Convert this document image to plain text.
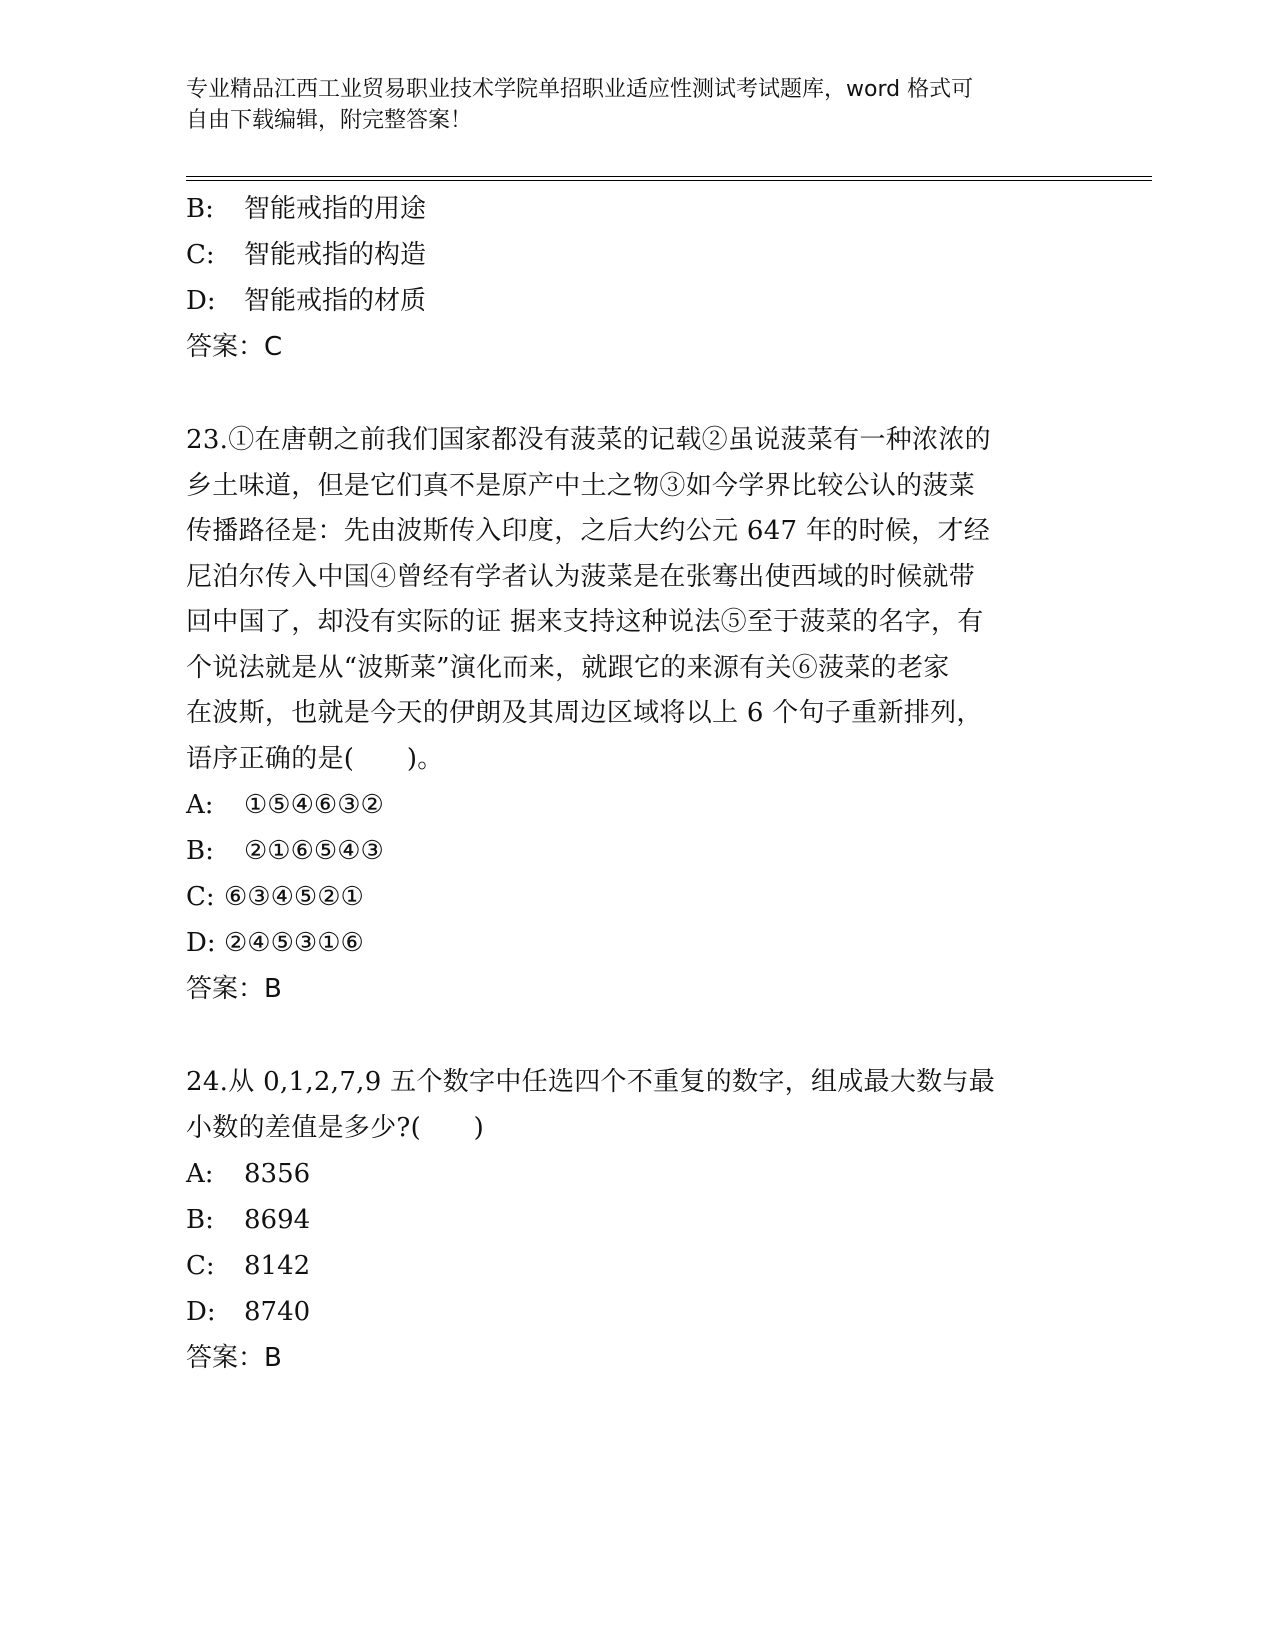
专业精品江西工业贸易职业技术学院单招职业适应性测试考试题库，word 格式可
自由下载编辑，附完整答案！
B:	智能戒指的用途
C:	智能戒指的构造
D:	智能戒指的材质
答案：C
23.①在唐朝之前我们国家都没有菠菜的记载②虽说菠菜有一种浓浓的
乡土味道，但是它们真不是原产中土之物③如今学界比较公认的菠菜
传播路径是：先由波斯传入印度，之后大约公元 647 年的时候，才经
尼泊尔传入中国④曾经有学者认为菠菜是在张骞出使西域的时候就带
回中国了，却没有实际的证 据来支持这种说法⑤至于菠菜的名字，有
个说法就是从“波斯菜”演化而来，就跟它的来源有关⑥菠菜的老家
在波斯，也就是今天的伊朗及其周边区域将以上 6 个句子重新排列，
语序正确的是(　　)。
A:	①⑤④⑥③②
B:	②①⑥⑤④③
C: ⑥③④⑤②①
D: ②④⑤③①⑥
答案：B
24.从 0,1,2,7,9 五个数字中任选四个不重复的数字，组成最大数与最
小数的差值是多少?(　　)
A:	8356
B:	8694
C:	8142
D:	8740
答案：B
